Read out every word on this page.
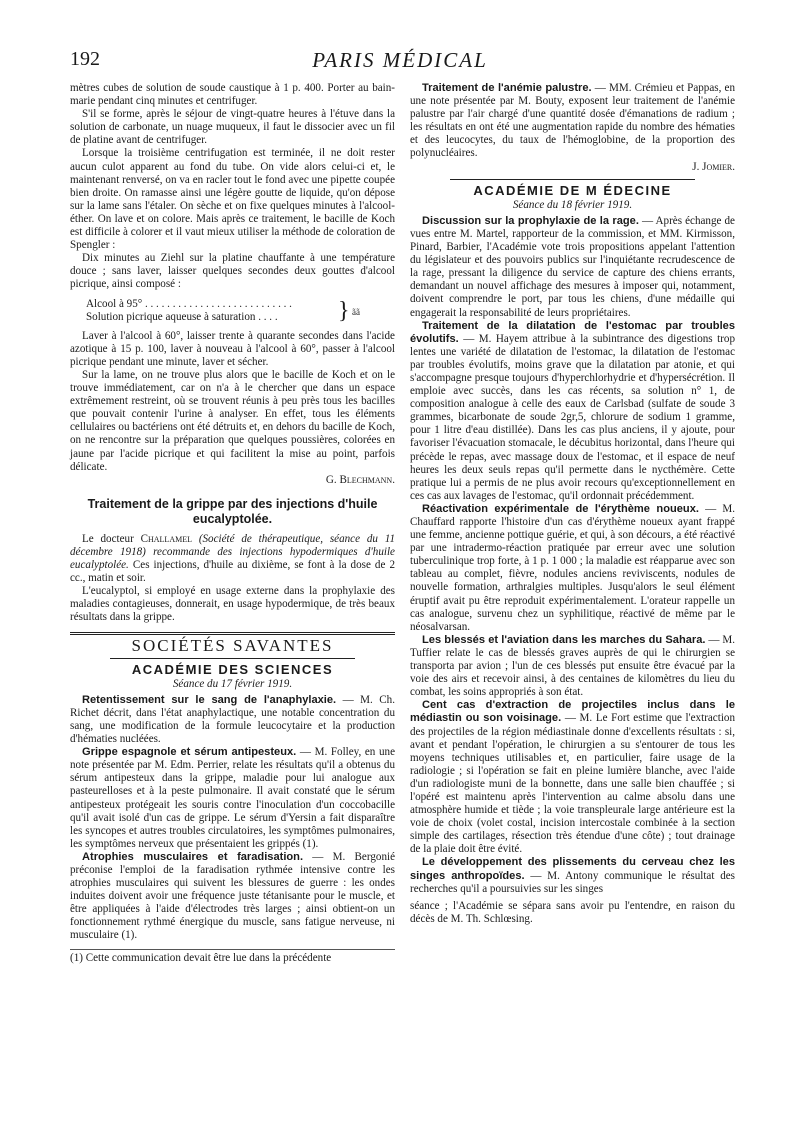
192	PARIS MÉDICAL

mètres cubes de solution de soude caustique à 1 p. 400. Porter au bain-marie pendant cinq minutes et centrifuger.

S'il se forme, après le séjour de vingt-quatre heures à l'étuve dans la solution de carbonate, un nuage muqueux, il faut le dissocier avec un fil de platine avant de centrifuger.

Lorsque la troisième centrifugation est terminée, il ne doit rester aucun culot apparent au fond du tube. On vide alors celui-ci et, le maintenant renversé, on va en racler tout le fond avec une pipette coupée bien droite. On ramasse ainsi une légère goutte de liquide, qu'on dépose sur la lame sans l'étaler. On sèche et on fixe quelques minutes à l'alcool-éther. On lave et on colore. Mais après ce traitement, le bacille de Koch est difficile à colorer et il vaut mieux utiliser la méthode de coloration de Spengler :

Dix minutes au Ziehl sur la platine chauffante à une température douce ; sans laver, laisser quelques secondes deux gouttes d'alcool picrique, ainsi composé :

Alcool à 95° . . . . . . . . . . . . . . . . . . . . . . . . . . .
Solution picrique aqueuse à saturation . . . .	} ãã

Laver à l'alcool à 60°, laisser trente à quarante secondes dans l'acide azotique à 15 p. 100, laver à nouveau à l'alcool à 60°, passer à l'alcool picrique pendant une minute, laver et sécher.

Sur la lame, on ne trouve plus alors que le bacille de Koch et on le trouve immédiatement, car on n'a à le chercher que dans un espace extrêmement restreint, où se trouvent réunis à peu près tous les bacilles que pouvait contenir l'urine à analyser. En effet, tous les éléments cellulaires ou bactériens ont été détruits et, en dehors du bacille de Koch, on ne rencontre sur la préparation que quelques poussières, colorées en jaune par l'acide picrique et qui facilitent la mise au point, parfois délicate.

G. Blechmann.

Traitement de la grippe par des injections d'huile eucalyptolée.

Le docteur Challamel (Société de thérapeutique, séance du 11 décembre 1918) recommande des injections hypodermiques d'huile eucalyptolée. Ces injections, d'huile au dixième, se font à la dose de 2 cc., matin et soir.

L'eucalyptol, si employé en usage externe dans la prophylaxie des maladies contagieuses, donnerait, en usage hypodermique, de très beaux résultats dans la grippe.

SOCIÉTÉS SAVANTES
ACADÉMIE DES SCIENCES
Séance du 17 février 1919.

Retentissement sur le sang de l'anaphylaxie. — M. Ch. Richet décrit, dans l'état anaphylactique, une notable concentration du sang, une modification de la formule leucocytaire et la production d'hématies nucléées.

Grippe espagnole et sérum antipesteux. — M. Folley, en une note présentée par M. Edm. Perrier, relate les résultats qu'il a obtenus du sérum antipesteux dans la grippe, maladie pour lui analogue aux pasteurelloses et à la peste pulmonaire. Il avait constaté que le sérum antipesteux protégeait les souris contre l'inoculation d'un coccobacille qu'il avait isolé d'un cas de grippe. Le sérum d'Yersin a fait disparaître les syncopes et autres troubles circulatoires, les symptômes pulmonaires, les symptômes nerveux que présentaient les grippés (1).

Atrophies musculaires et faradisation. — M. Bergonié préconise l'emploi de la faradisation rythmée intensive contre les atrophies musculaires qui suivent les blessures de guerre : les ondes induites doivent avoir une fréquence juste tétanisante pour le muscle, et être appliquées à l'aide d'électrodes très larges ; ainsi obtient-on un fonctionnement rythmé énergique du muscle, sans fatigue nerveuse, ni musculaire (1).

(1) Cette communication devait être lue dans la précédente

Traitement de l'anémie palustre. — MM. Crémieu et Pappas, en une note présentée par M. Bouty, exposent leur traitement de l'anémie palustre par l'air chargé d'une quantité dosée d'émanations de radium ; les résultats en ont été une augmentation rapide du nombre des hématies et des leucocytes, du taux de l'hémoglobine, de la proportion des polynucléaires.

J. Jomier.

ACADÉMIE DE M ÉDECINE
Séance du 18 février 1919.

Discussion sur la prophylaxie de la rage. — Après échange de vues entre M. Martel, rapporteur de la commission, et MM. Kirmisson, Pinard, Barbier, l'Académie vote trois propositions appelant l'attention du législateur et des pouvoirs publics sur l'inquiétante recrudescence de la rage, pressant la diligence du service de capture des chiens errants, demandant un nouvel affichage des mesures à imposer qui, notamment, doivent comprendre le port, par tous les chiens, d'une médaille qui engagerait la responsabilité de leurs propriétaires.

Traitement de la dilatation de l'estomac par troubles évolutifs. — M. Hayem attribue à la subintrance des digestions trop lentes une variété de dilatation de l'estomac, la dilatation de l'estomac par troubles évolutifs, moins grave que la dilatation par atonie, et qui s'accompagne presque toujours d'hyperchlorhydrie et d'hypersécrétion. Il emploie avec succès, dans les cas récents, sa solution n° 1, de composition analogue à celle des eaux de Carlsbad (sulfate de soude 3 grammes, bicarbonate de soude 2gr,5, chlorure de sodium 1 gramme, pour 1 litre d'eau distillée). Dans les cas plus anciens, il y ajoute, pour favoriser l'évacuation stomacale, le décubitus horizontal, dans l'heure qui précède le repas, avec massage doux de l'estomac, et il espace de neuf heures les deux seuls repas qu'il permette dans le nycthémère. Cette pratique lui a permis de ne plus avoir recours qu'exceptionnellement en ces cas aux lavages de l'estomac, qu'il ordonnait précédemment.

Réactivation expérimentale de l'érythème noueux. — M. Chauffard rapporte l'histoire d'un cas d'érythème noueux ayant frappé une femme, ancienne pottique guérie, et qui, à son décours, a été réactivé par une intradermo-réaction pratiquée par erreur avec une solution tuberculinique trop forte, à 1 p. 1 000 ; la maladie est réapparue avec son tableau au complet, fièvre, nodules anciens reviviscents, nodules de nouvelle formation, arthralgies multiples. Jusqu'alors le seul élément éruptif avait pu être reproduit expérimentalement. L'orateur rappelle un cas analogue, survenu chez un syphilitique, réactivé de même par le néosalvarsan.

Les blessés et l'aviation dans les marches du Sahara. — M. Tuffier relate le cas de blessés graves auprès de qui le chirurgien se transporta par avion ; l'un de ces blessés put ensuite être évacué par la voie des airs et recevoir ainsi, à des centaines de kilomètres du lieu du combat, les soins appropriés à son état.

Cent cas d'extraction de projectiles inclus dans le médiastin ou son voisinage. — M. Le Fort estime que l'extraction des projectiles de la région médiastinale donne d'excellents résultats : si, avant et pendant l'opération, le chirurgien a su s'entourer de tous les moyens techniques utilisables et, en particulier, faire usage de la radiologie ; si l'opération se fait en pleine lumière blanche, avec l'aide d'un radiologiste muni de la bonnette, dans une salle bien chauffée ; si l'opéré est maintenu après l'intervention au calme absolu dans une atmosphère humide et tiède ; la voie transpleurale large antérieure est la voie de choix (volet costal, incision intercostale combinée à la section simple des cartilages, résection très étendue d'une côte) ; tout drainage de la plaie doit être évité.

Le développement des plissements du cerveau chez les singes anthropoïdes. — M. Antony communique le résultat des recherches qu'il a poursuivies sur les singes

séance ; l'Académie se sépara sans avoir pu l'entendre, en raison du décès de M. Th. Schlœsing.
